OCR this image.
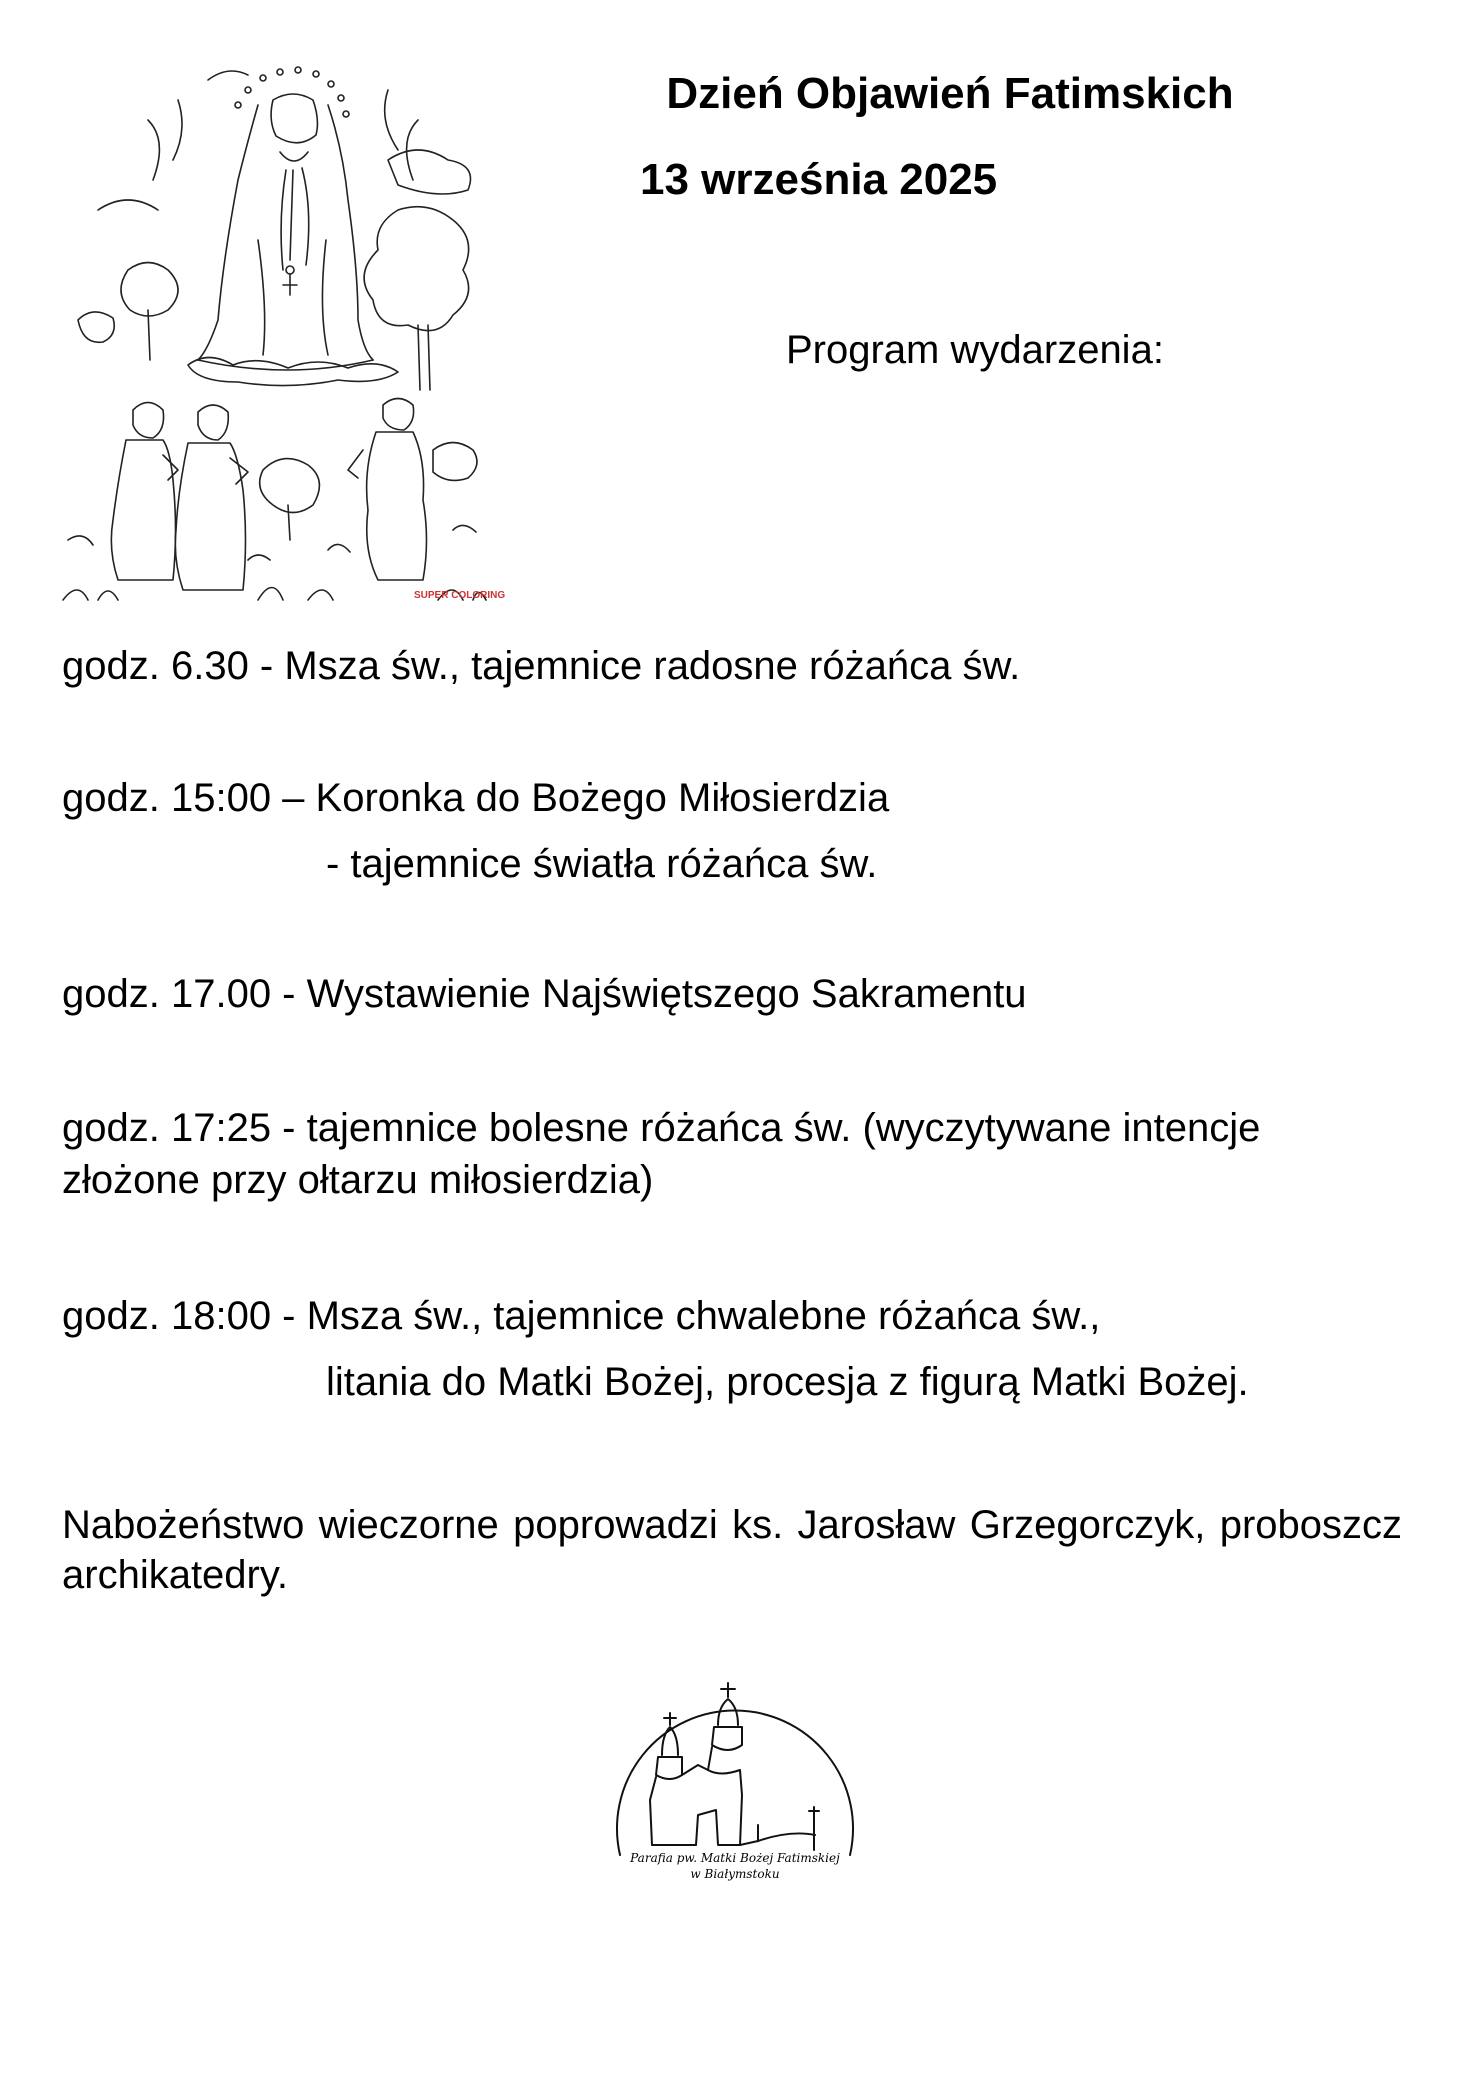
SUPER COLORING
Dzień Objawień Fatimskich
13 września 2025

Program wydarzenia:

godz. 6.30 - Msza św., tajemnice radosne różańca św.
godz. 15:00 – Koronka do Bożego Miłosierdzia
- tajemnice światła różańca św.
godz. 17.00 - Wystawienie Najświętszego Sakramentu
godz. 17:25 - tajemnice bolesne różańca św. (wyczytywane intencje
złożone przy ołtarzu miłosierdzia)
godz. 18:00 - Msza św., tajemnice chwalebne różańca św.,
litania do Matki Bożej, procesja z figurą Matki Bożej.

Nabożeństwo wieczorne poprowadzi ks. Jarosław Grzegorczyk, proboszcz archikatedry.

Parafia pw. Matki Bożej Fatimskiej
w Białymstoku
